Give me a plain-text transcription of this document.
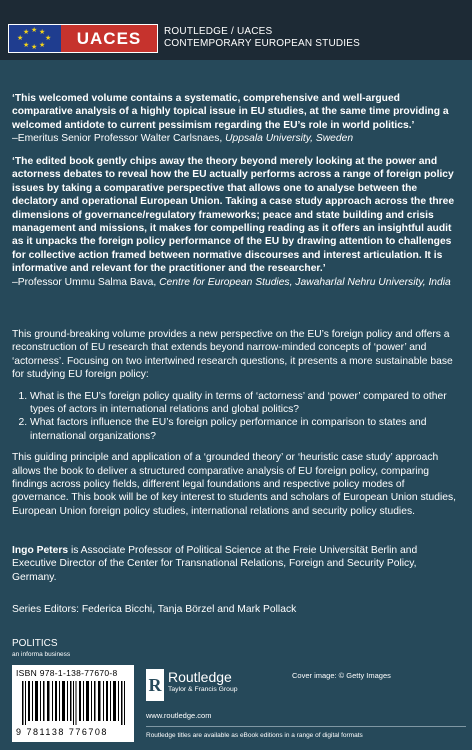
★ ★
★
★
★
★
★
★	UACES	ROUTLEDGE / UACES
CONTEMPORARY EUROPEAN STUDIES
‘This welcomed volume contains a systematic, comprehensive and well-argued comparative analysis of a highly topical issue in EU studies, at the same time providing a welcomed antidote to current pessimism regarding the EU’s role in world politics.’
–Emeritus Senior Professor Walter Carlsnaes, Uppsala University, Sweden
‘The edited book gently chips away the theory beyond merely looking at the power and actorness debates to reveal how the EU actually performs across a range of foreign policy issues by taking a comparative perspective that allows one to analyse between the declatory and operational European Union. Taking a case study approach across the three dimensions of governance/regulatory frameworks; peace and state building and crisis management and missions, it makes for compelling reading as it offers an insightful audit as it unpacks the foreign policy performance of the EU by drawing attention to challenges for collective action framed between normative discourses and interest articulation. It is informative and relevant for the practitioner and the researcher.’
–Professor Ummu Salma Bava, Centre for European Studies, Jawaharlal Nehru University, India

This ground-breaking volume provides a new perspective on the EU’s foreign policy and offers a reconstruction of EU research that extends beyond narrow-minded concepts of ‘power’ and ‘actorness’. Focusing on two intertwined research questions, it presents a more sustainable base for studying EU foreign policy:

1. What is the EU’s foreign policy quality in terms of ‘actorness’ and ‘power’ compared to other types of actors in international relations and global politics?
2. What factors influence the EU’s foreign policy performance in comparison to states and international organizations?

This guiding principle and application of a ‘grounded theory’ or ‘heuristic case study’ approach allows the book to deliver a structured comparative analysis of EU foreign policy, comparing findings across policy fields, different legal foundations and respective policy modes of governance. This book will be of key interest to students and scholars of European Union studies, European Union foreign policy studies, international relations and security policy studies.

Ingo Peters is Associate Professor of Political Science at the Freie Universität Berlin and Executive Director of the Center for Transnational Relations, Foreign and Security Policy, Germany.
Series Editors: Federica Bicchi, Tanja Börzel and Mark Pollack
POLITICS
an informa business
ISBN 978-1-138-77670-8
9 781138 776708
R Routledge
Taylor & Francis Group
www.routledge.com
Cover image: © Getty Images
Routledge titles are available as eBook editions in a range of digital formats
